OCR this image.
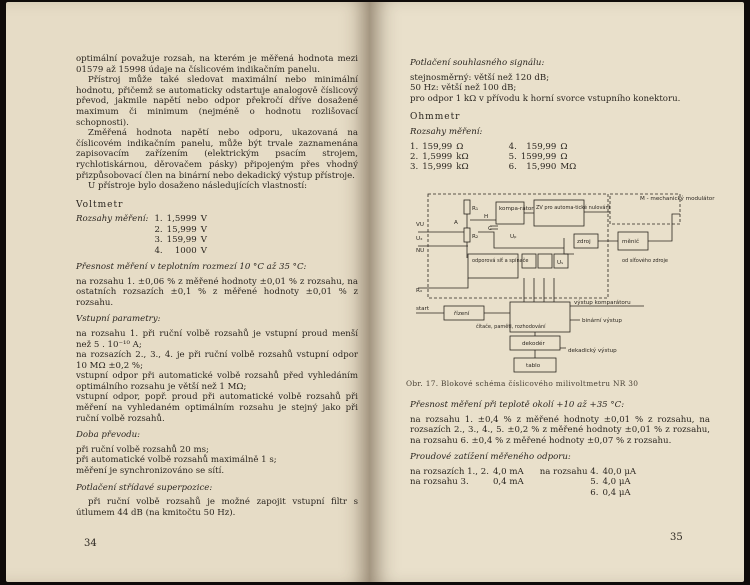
optimální považuje rozsah, na kterém je měřená hodnota mezi 01579 až 15998 údaje na číslicovém indikačním panelu.

Přístroj může také sledovat maximální nebo minimální hodnotu, přičemž se automaticky odstartuje analogově číslicový převod, jakmile napětí nebo odpor překročí dříve dosažené maximum či minimum (nejméně o hodnotu rozlišovací schopnosti).

Změřená hodnota napětí nebo odporu, ukazovaná na číslicovém indikačním panelu, může být trvale zaznamenána zapisovacím zařízením (elektrickým psacím strojem, rychlotiskárnou, děrovačem pásky) připojeným přes vhodný přizpůsobovací člen na binární nebo dekadický výstup přístroje.

U přístroje bylo dosaženo následujících vlastností:

Voltmetr
Rozsahy měření:	1.	1,5999	V
	2.	15,999	V
	3.	159,99	V
	4.	1000	V
Přesnost měření v teplotním rozmezí 10 °C až 35 °C:

na rozsahu 1. ±0,06 % z měřené hodnoty ±0,01 % z rozsahu, na ostatních rozsazích ±0,1 % z měřené hodnoty ±0,01 % z rozsahu.

Vstupní parametry:

na rozsahu 1. při ruční volbě rozsahů je vstupní proud menší než 5 . 10⁻¹⁰ A;

na rozsazích 2., 3., 4. je při ruční volbě rozsahů vstupní odpor 10 MΩ ±0,2 %;

vstupní odpor při automatické volbě rozsahů před vyhledáním optimálního rozsahu je větší než 1 MΩ;

vstupní odpor, popř. proud při automatické volbě rozsahů při měření na vyhledaném optimálním rozsahu je stejný jako při ruční volbě rozsahů.

Doba převodu:

při ruční volbě rozsahů 20 ms;

při automatické volbě rozsahů maximálně 1 s;

měření je synchronizováno se sítí.

Potlačení střídavé superpozice:

při ruční volbě rozsahů je možné zapojit vstupní filtr s útlumem 44 dB (na kmitočtu 50 Hz).

34
Potlačení souhlasného signálu:

stejnosměrný: větší než 120 dB;

50 Hz: větší než 100 dB;

pro odpor 1 kΩ v přívodu k horní svorce vstupního konektoru.

Ohmmetr
Rozsahy měření:
1.	159,99	Ω	4.	159,99	Ω
2.	1,5999	kΩ	5.	1599,99	Ω
3.	15,999	kΩ	6.	15,990	MΩ
M - mechanický modulátor
kompa-rátor ZV pro automa-tické nulování
R₁
R₂
A
H
C
Uₚ
odporová síť a spínače	Uₛ
zdroj	měnič
od síťového zdroje
VU
Uₓ
NU
Rₓ
řízení
start
čítače, paměti, rozhodování
výstup komparátoru
binární výstup
dekodér
dekadický výstup
tablo
Obr. 17. Blokové schéma číslicového milivoltmetru NR 30
Přesnost měření při teplotě okolí +10 až +35 °C:

na rozsahu 1. ±0,4 % z měřené hodnoty ±0,01 % z rozsahu, na rozsazích 2., 3., 4., 5. ±0,2 % z měřené hodnoty ±0,01 % z rozsahu, na rozsahu 6. ±0,4 % z měřené hodnoty ±0,07 % z rozsahu.

Proudové zatížení měřeného odporu:
na rozsazích 1., 2.	4,0 mA	na rozsahu 4.	40,0 μA
na rozsahu 3.	0,4 mA	5.	4,0 μA
		6.	0,4 μA
35
